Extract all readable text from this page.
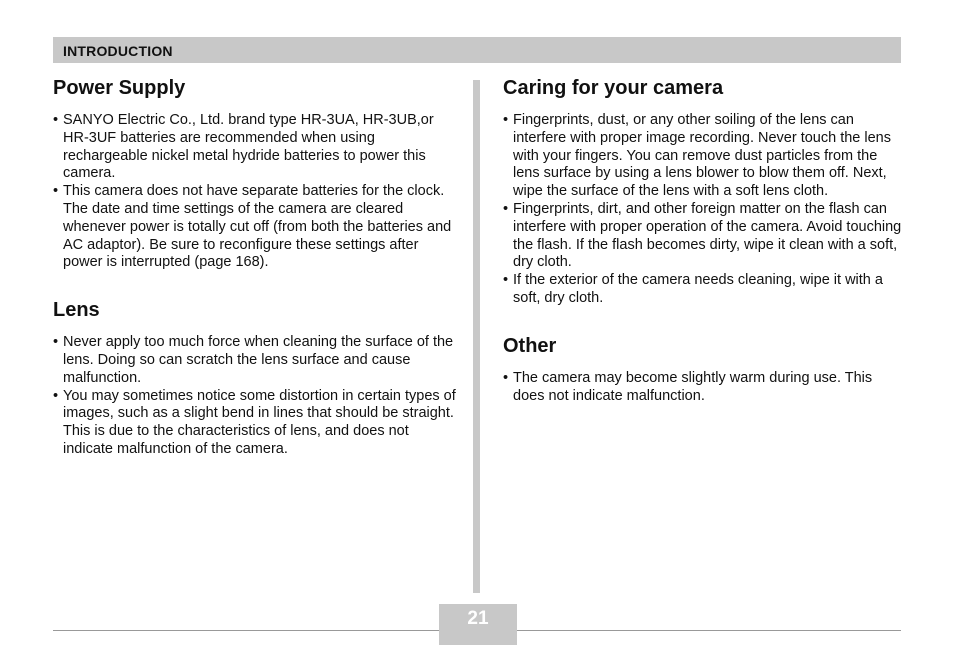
INTRODUCTION
Power Supply
• SANYO Electric Co., Ltd. brand type HR-3UA, HR-3UB,or HR-3UF batteries are recommended when using rechargeable nickel metal hydride batteries to power this camera.
• This camera does not have separate batteries for the clock. The date and time settings of the camera are cleared whenever power is totally cut off (from both the batteries and AC adaptor). Be sure to reconfigure these settings after power is interrupted (page 168).
Lens
• Never apply too much force when cleaning the surface of the lens. Doing so can scratch the lens surface and cause malfunction.
• You may sometimes notice some distortion in certain types of images, such as a slight bend in lines that should be straight. This is due to the characteristics of lens, and does not indicate malfunction of the camera.
Caring for your camera
• Fingerprints, dust, or any other soiling of the lens can interfere with proper image recording. Never touch the lens with your fingers. You can remove dust particles from the lens surface by using a lens blower to blow them off. Next, wipe the surface of the lens with a soft lens cloth.
• Fingerprints, dirt, and other foreign matter on the flash can interfere with proper operation of the camera. Avoid touching the flash. If the flash becomes dirty, wipe it clean with a soft, dry cloth.
• If the exterior of the camera needs cleaning, wipe it with a soft, dry cloth.
Other
• The camera may become slightly warm during use. This does not indicate malfunction.
21
